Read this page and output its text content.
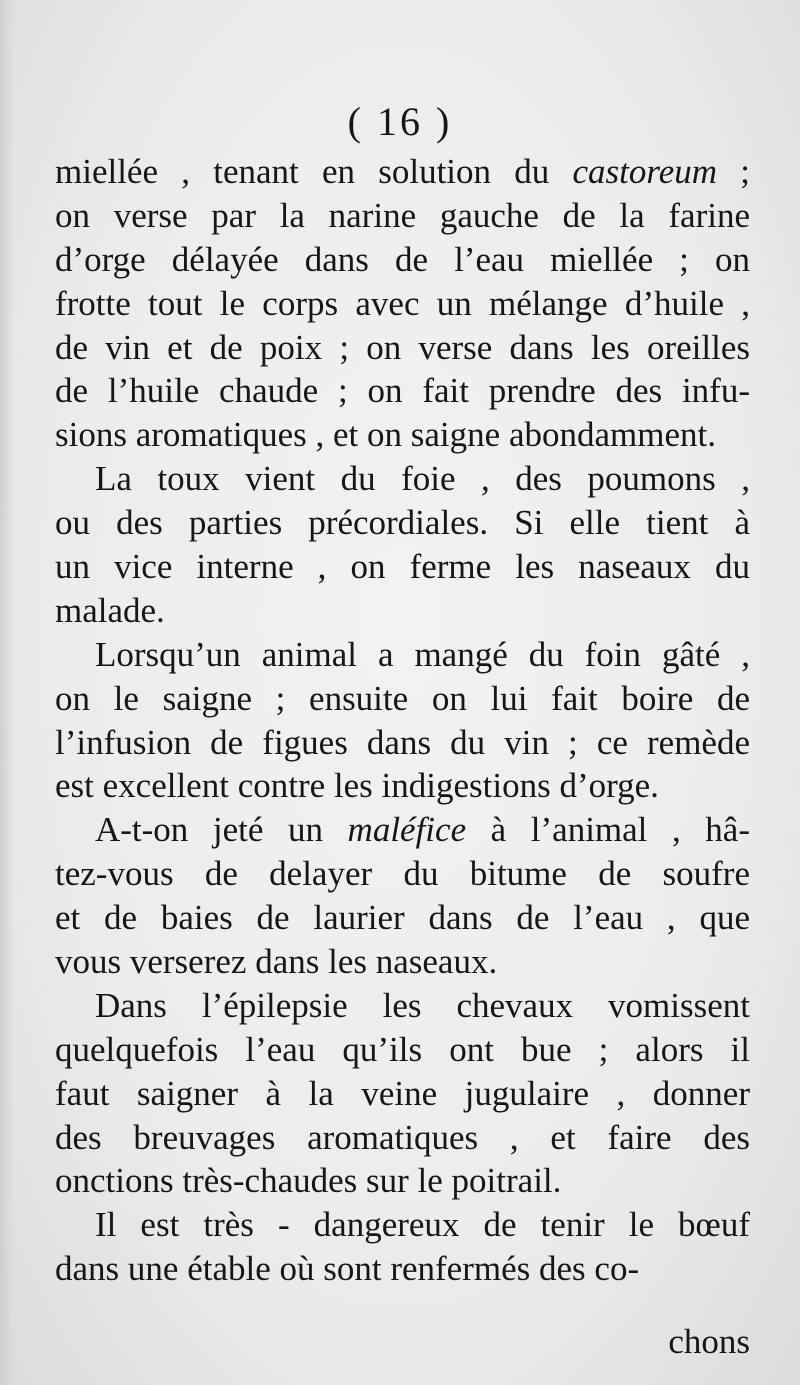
( 16 )
miellée , tenant en solution du castoreum ;
on verse par la narine gauche de la farine
d’orge délayée dans de l’eau miellée ; on
frotte tout le corps avec un mélange d’huile ,
de vin et de poix ; on verse dans les oreilles
de l’huile chaude ; on fait prendre des infu-
sions aromatiques , et on saigne abondamment.
La toux vient du foie , des poumons ,
ou des parties précordiales. Si elle tient à
un vice interne , on ferme les naseaux du
malade.
Lorsqu’un animal a mangé du foin gâté ,
on le saigne ; ensuite on lui fait boire de
l’infusion de figues dans du vin ; ce remède
est excellent contre les indigestions d’orge.
A-t-on jeté un maléfice à l’animal , hâ-
tez-vous de delayer du bitume de soufre
et de baies de laurier dans de l’eau , que
vous verserez dans les naseaux.
Dans l’épilepsie les chevaux vomissent
quelquefois l’eau qu’ils ont bue ; alors il
faut saigner à la veine jugulaire , donner
des breuvages aromatiques , et faire des
onctions très-chaudes sur le poitrail.
Il est très - dangereux de tenir le bœuf
dans une étable où sont renfermés des co-
chons
